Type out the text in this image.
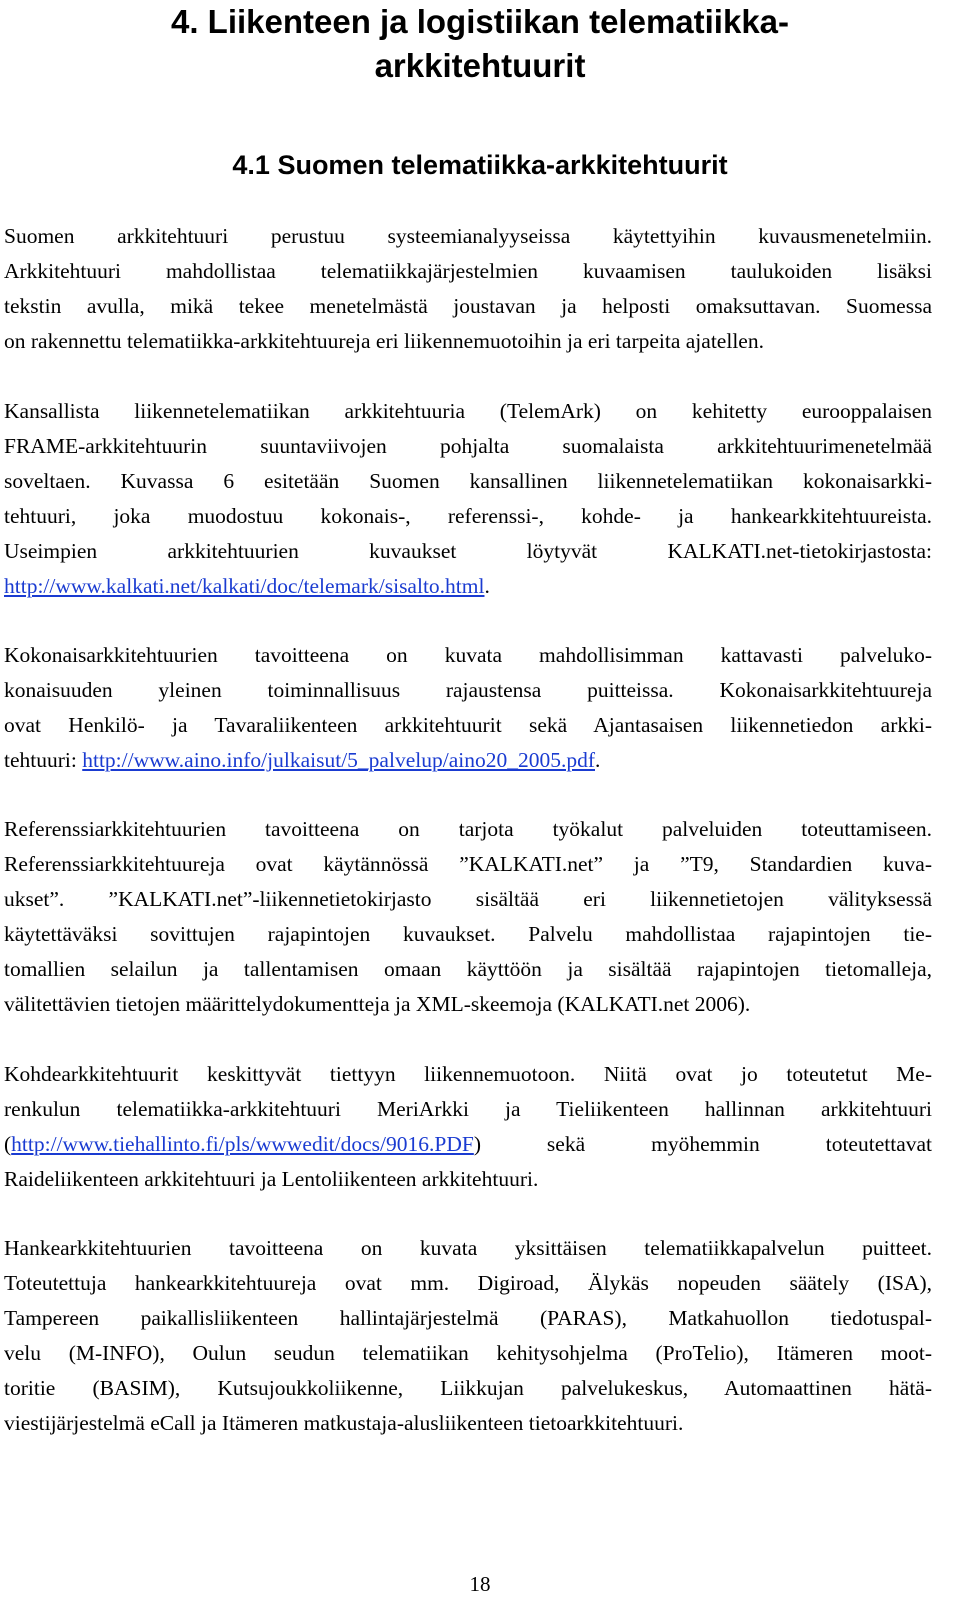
4. Liikenteen ja logistiikan telematiikka-
arkkitehtuurit
4.1 Suomen telematiikka-arkkitehtuurit
Suomen arkkitehtuuri perustuu systeemianalyyseissa käytettyihin kuvausmenetelmiin.
Arkkitehtuuri mahdollistaa telematiikkajärjestelmien kuvaamisen taulukoiden lisäksi
tekstin avulla, mikä tekee menetelmästä joustavan ja helposti omaksuttavan. Suomessa
on rakennettu telematiikka-arkkitehtuureja eri liikennemuotoihin ja eri tarpeita ajatellen.
Kansallista liikennetelematiikan arkkitehtuuria (TelemArk) on kehitetty eurooppalaisen
FRAME-arkkitehtuurin suuntaviivojen pohjalta suomalaista arkkitehtuurimenetelmää
soveltaen. Kuvassa 6 esitetään Suomen kansallinen liikennetelematiikan kokonaisarkki-
tehtuuri, joka muodostuu kokonais-, referenssi-, kohde- ja hankearkkitehtuureista.
Useimpien arkkitehtuurien kuvaukset löytyvät KALKATI.net-tietokirjastosta:
http://www.kalkati.net/kalkati/doc/telemark/sisalto.html.
Kokonaisarkkitehtuurien tavoitteena on kuvata mahdollisimman kattavasti palveluko-
konaisuuden yleinen toiminnallisuus rajaustensa puitteissa. Kokonaisarkkitehtuureja
ovat Henkilö- ja Tavaraliikenteen arkkitehtuurit sekä Ajantasaisen liikennetiedon arkki-
tehtuuri: http://www.aino.info/julkaisut/5_palvelup/aino20_2005.pdf.
Referenssiarkkitehtuurien tavoitteena on tarjota työkalut palveluiden toteuttamiseen.
Referenssiarkkitehtuureja ovat käytännössä ”KALKATI.net” ja ”T9, Standardien kuva-
ukset”. ”KALKATI.net”-liikennetietokirjasto sisältää eri liikennetietojen välityksessä
käytettäväksi sovittujen rajapintojen kuvaukset. Palvelu mahdollistaa rajapintojen tie-
tomallien selailun ja tallentamisen omaan käyttöön ja sisältää rajapintojen tietomalleja,
välitettävien tietojen määrittelydokumentteja ja XML-skeemoja (KALKATI.net 2006).
Kohdearkkitehtuurit keskittyvät tiettyyn liikennemuotoon. Niitä ovat jo toteutetut Me-
renkulun telematiikka-arkkitehtuuri MeriArkki ja Tieliikenteen hallinnan arkkitehtuuri
(http://www.tiehallinto.fi/pls/wwwedit/docs/9016.PDF) sekä myöhemmin toteutettavat
Raideliikenteen arkkitehtuuri ja Lentoliikenteen arkkitehtuuri.
Hankearkkitehtuurien tavoitteena on kuvata yksittäisen telematiikkapalvelun puitteet.
Toteutettuja hankearkkitehtuureja ovat mm. Digiroad, Älykäs nopeuden säätely (ISA),
Tampereen paikallisliikenteen hallintajärjestelmä (PARAS), Matkahuollon tiedotuspal-
velu (M-INFO), Oulun seudun telematiikan kehitysohjelma (ProTelio), Itämeren moot-
toritie (BASIM), Kutsujoukkoliikenne, Liikkujan palvelukeskus, Automaattinen hätä-
viestijärjestelmä eCall ja Itämeren matkustaja-alusliikenteen tietoarkkitehtuuri.
18
